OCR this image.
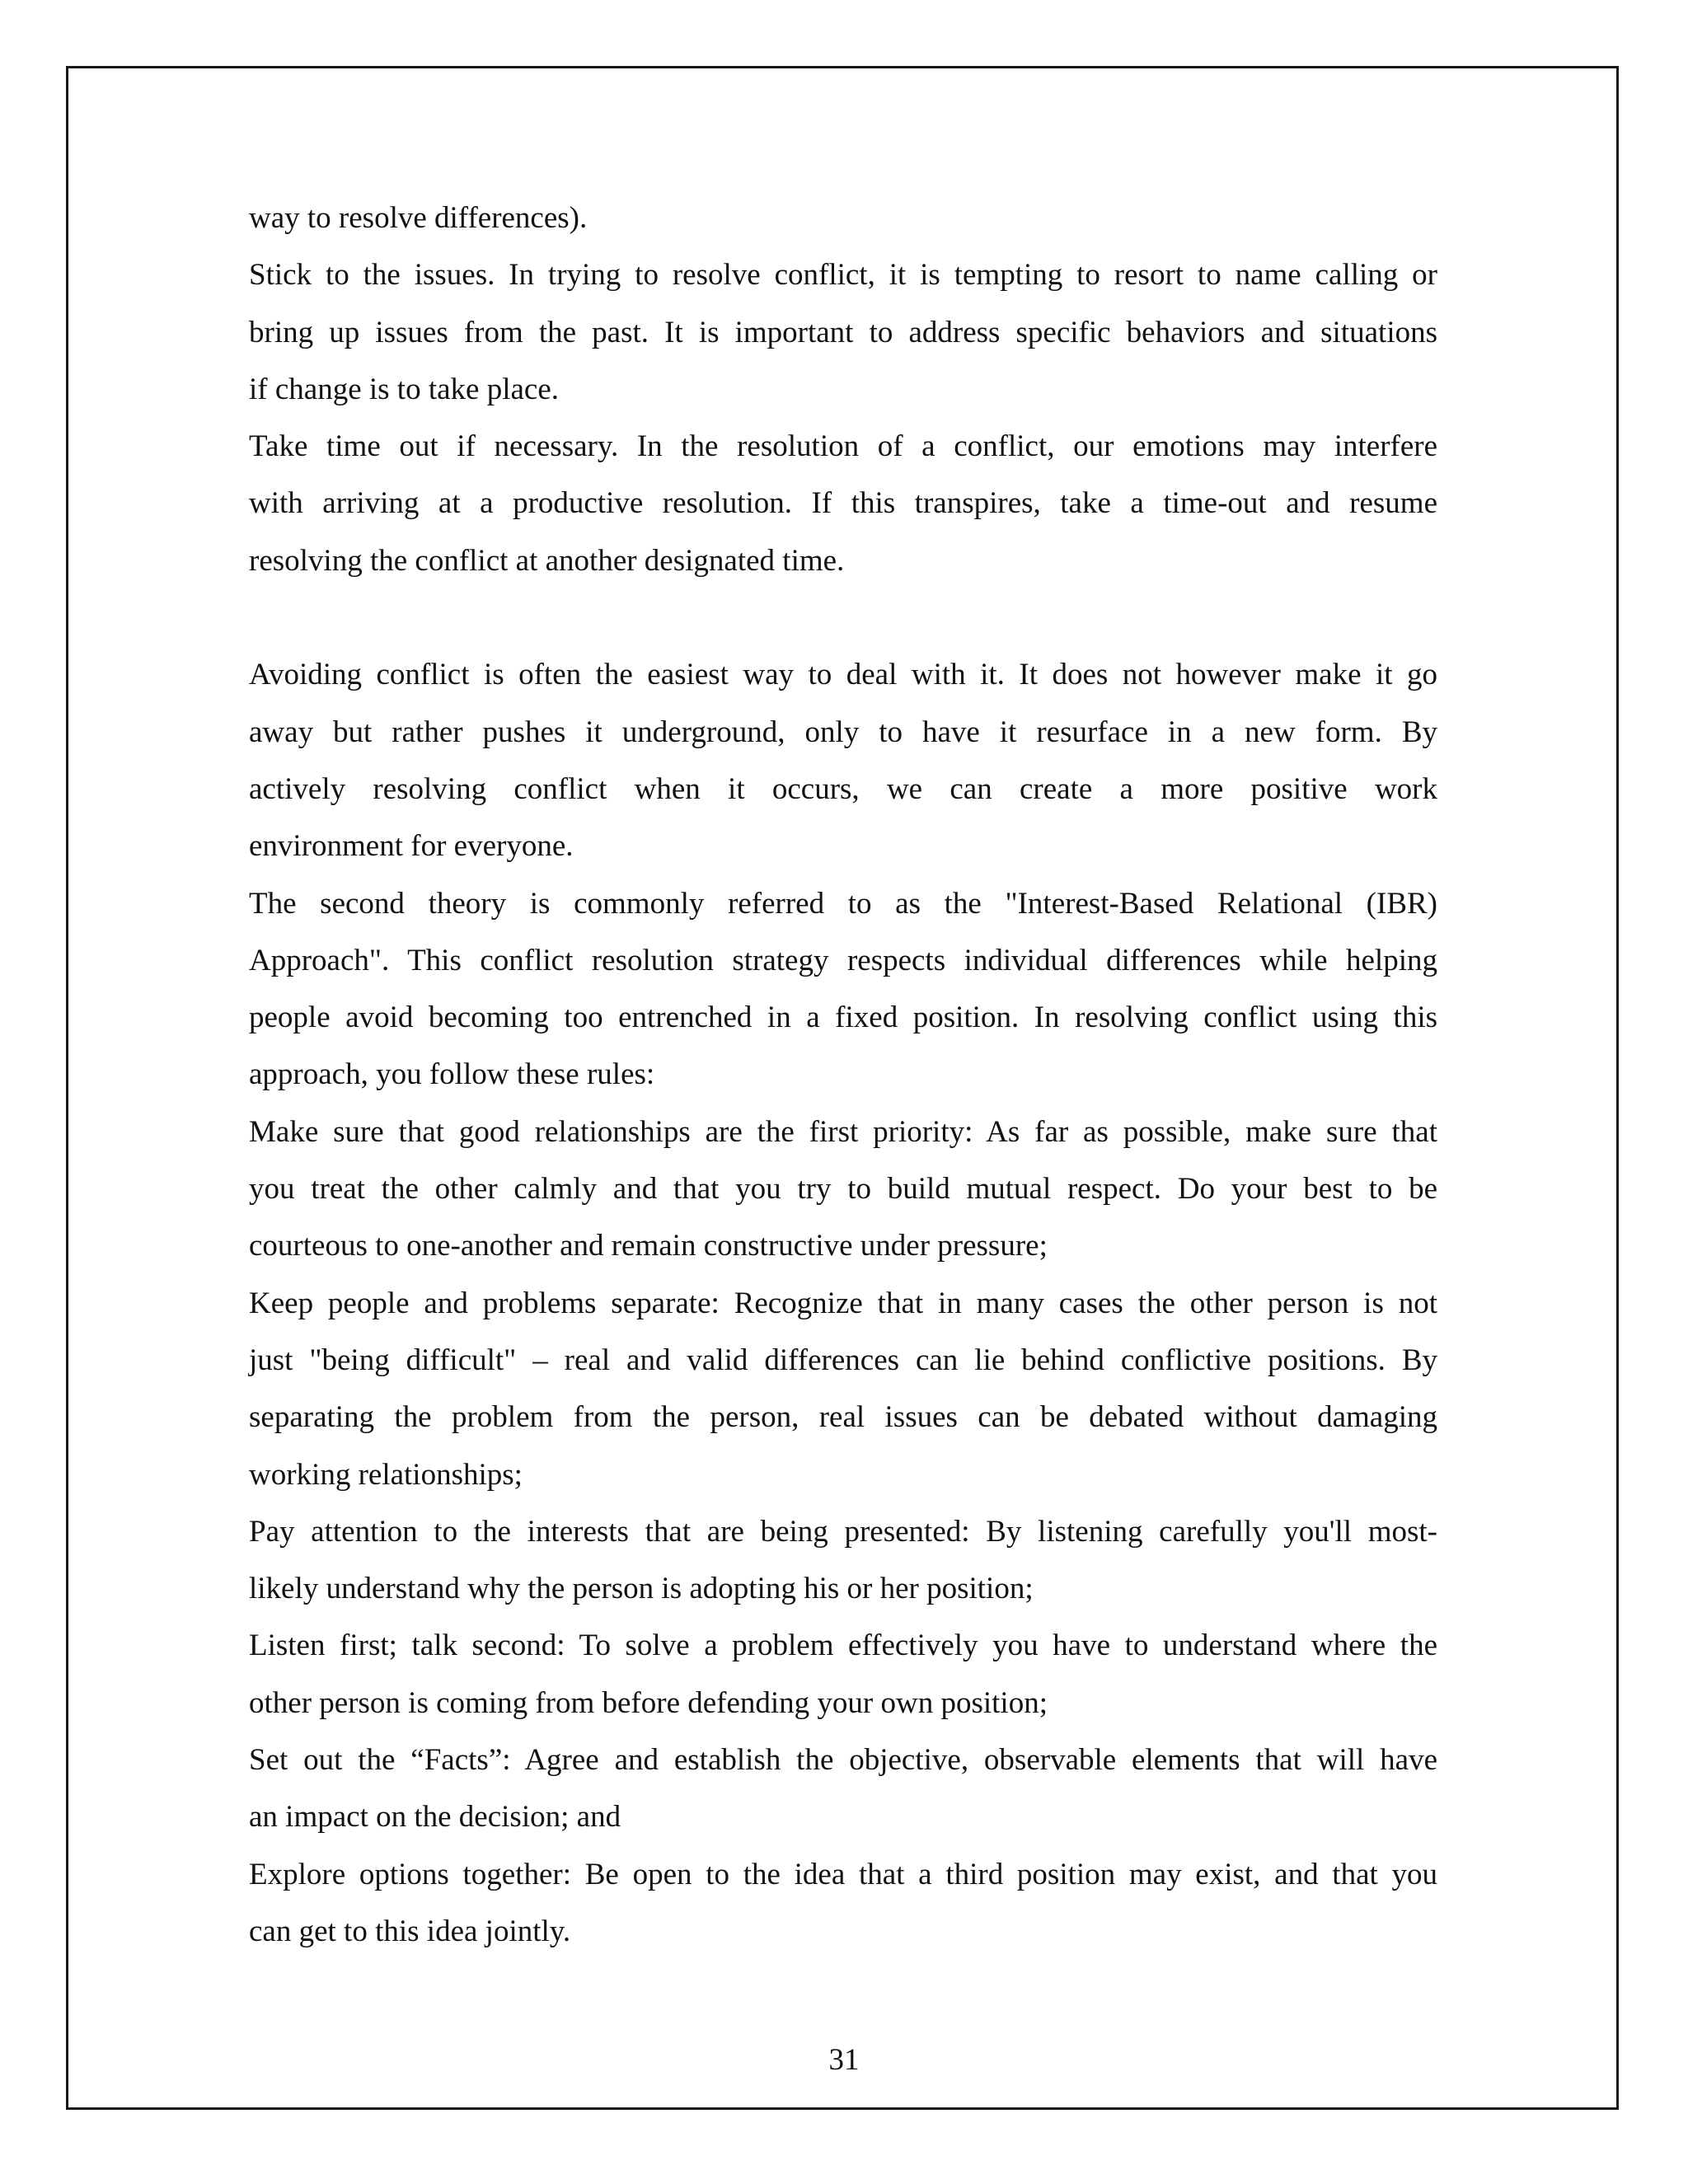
way to resolve differences).
Stick to the issues. In trying to resolve conflict, it is tempting to resort to name calling or
bring up issues from the past. It is important to address specific behaviors and situations
if change is to take place.
Take time out if necessary. In the resolution of a conflict, our emotions may interfere
with arriving at a productive resolution. If this transpires, take a time-out and resume
resolving the conflict at another designated time.
Avoiding conflict is often the easiest way to deal with it. It does not however make it go
away but rather pushes it underground, only to have it resurface in a new form. By
actively resolving conflict when it occurs, we can create a more positive work
environment for everyone.
The second theory is commonly referred to as the "Interest-Based Relational (IBR)
Approach". This conflict resolution strategy respects individual differences while helping
people avoid becoming too entrenched in a fixed position. In resolving conflict using this
approach, you follow these rules:
Make sure that good relationships are the first priority: As far as possible, make sure that
you treat the other calmly and that you try to build mutual respect. Do your best to be
courteous to one-another and remain constructive under pressure;
Keep people and problems separate: Recognize that in many cases the other person is not
just "being difficult" – real and valid differences can lie behind conflictive positions. By
separating the problem from the person, real issues can be debated without damaging
working relationships;
Pay attention to the interests that are being presented: By listening carefully you'll most-
likely understand why the person is adopting his or her position;
Listen first; talk second: To solve a problem effectively you have to understand where the
other person is coming from before defending your own position;
Set out the “Facts”: Agree and establish the objective, observable elements that will have
an impact on the decision; and
Explore options together: Be open to the idea that a third position may exist, and that you
can get to this idea jointly.
31
